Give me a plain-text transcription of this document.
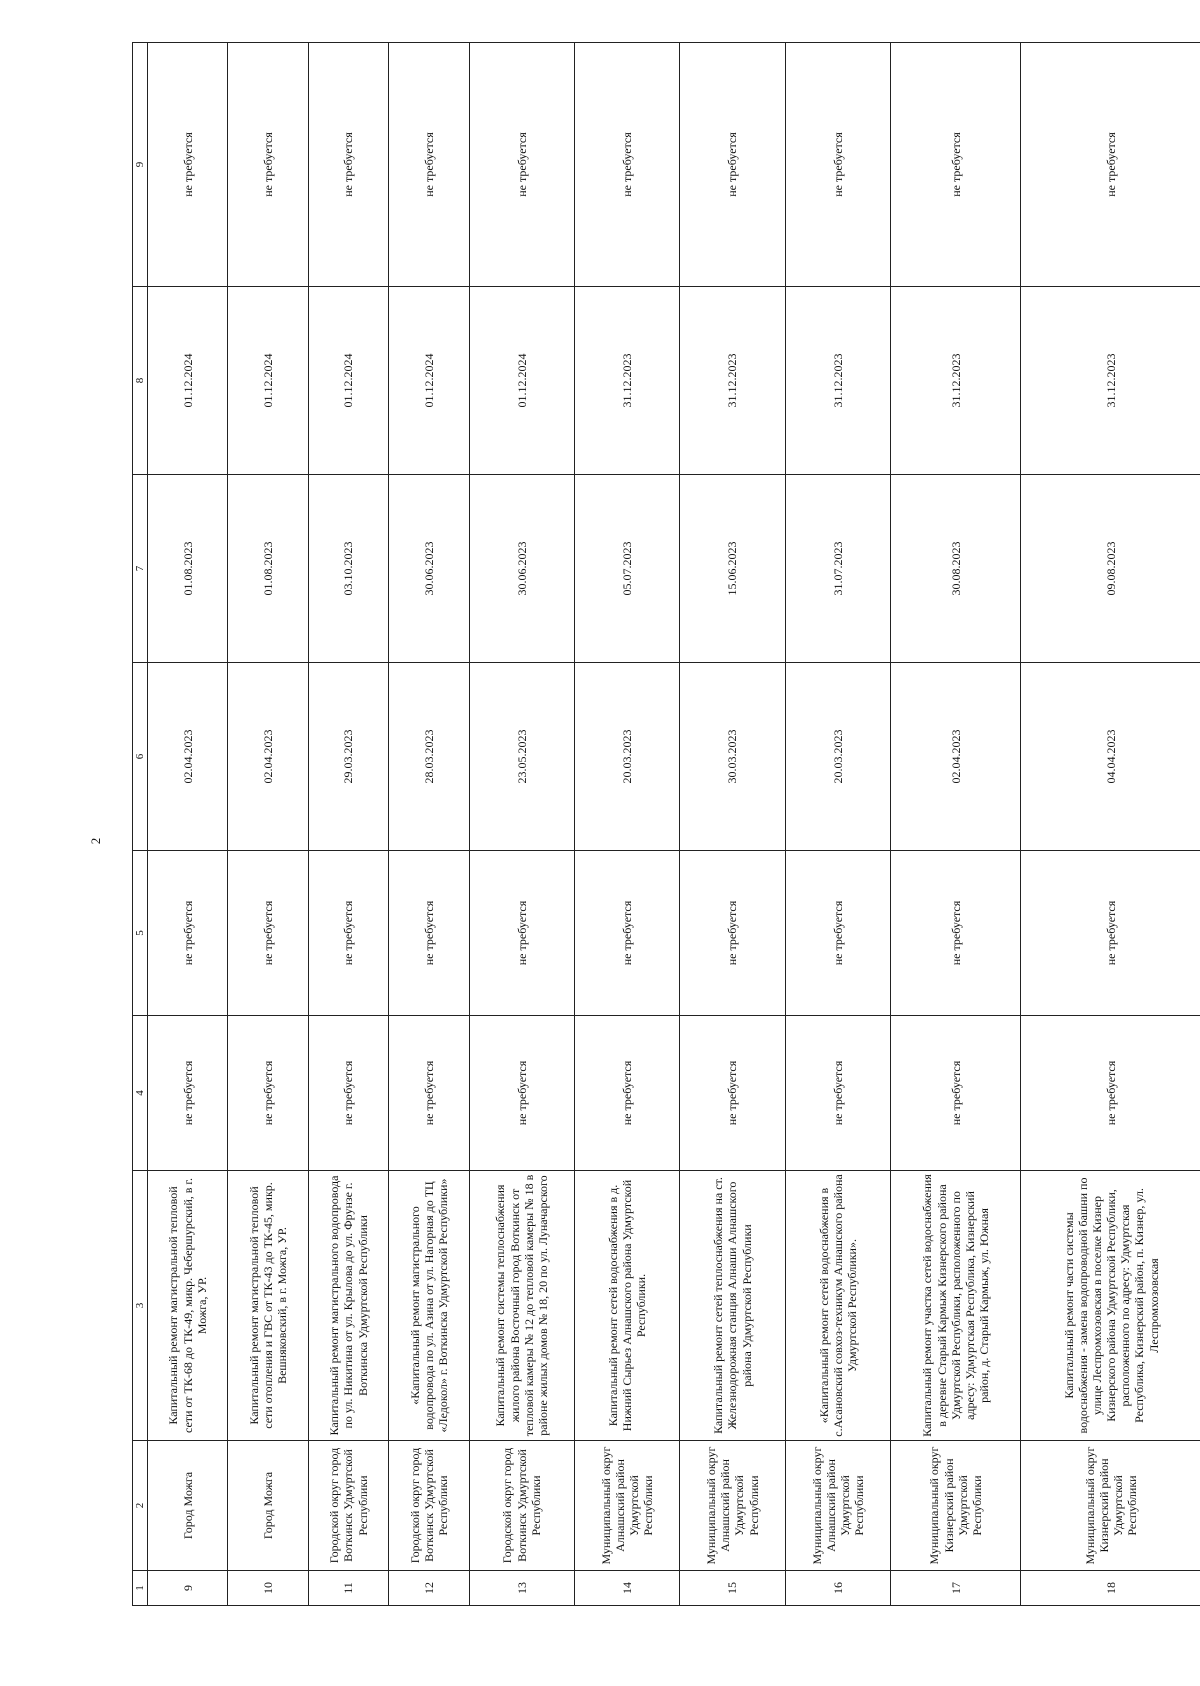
2
1	2	3	4	5	6	7	8	9
9	Город Можга	Капитальный ремонт магистральной тепловой сети от ТК-68 до ТК-49, микр. Чебершурский, в г. Можга, УР.	не требуется	не требуется	02.04.2023	01.08.2023	01.12.2024	не требуется
10	Город Можга	Капитальный ремонт магистральной тепловой сети отопления и ГВС от ТК-43 до ТК-45, микр. Вешняковский, в г. Можга, УР.	не требуется	не требуется	02.04.2023	01.08.2023	01.12.2024	не требуется
11	Городской округ город Воткинск Удмуртской Республики	Капитальный ремонт магистрального водопровода по ул. Никитина от ул. Крылова до ул. Фрунзе г. Воткинска Удмуртской Республики	не требуется	не требуется	29.03.2023	03.10.2023	01.12.2024	не требуется
12	Городской округ город Воткинск Удмуртской Республики	«Капитальный ремонт магистрального водопровода по ул. Азина от ул. Нагорная до ТЦ «Ледокол» г. Воткинска Удмуртской Республики»	не требуется	не требуется	28.03.2023	30.06.2023	01.12.2024	не требуется
13	Городской округ город Воткинск Удмуртской Республики	Капитальный ремонт системы теплоснабжения жилого района Восточный город Воткинск от тепловой камеры № 12 до тепловой камеры № 18 в районе жилых домов № 18, 20 по ул. Луначарского	не требуется	не требуется	23.05.2023	30.06.2023	01.12.2024	не требуется
14	Муниципальный округ Алнашский район Удмуртской Республики	Капитальный ремонт сетей водоснабжения в д. Нижний Сырьез Алнашского района Удмуртской Республики.	не требуется	не требуется	20.03.2023	05.07.2023	31.12.2023	не требуется
15	Муниципальный округ Алнашский район Удмуртской Республики	Капитальный ремонт сетей теплоснабжения на ст. Железнодорожная станция Алнаши Алнашского района Удмуртской Республики	не требуется	не требуется	30.03.2023	15.06.2023	31.12.2023	не требуется
16	Муниципальный округ Алнашский район Удмуртской Республики	«Капитальный ремонт сетей водоснабжения в с.Асановский совхоз-техникум Алнашского района Удмуртской Республики».	не требуется	не требуется	20.03.2023	31.07.2023	31.12.2023	не требуется
17	Муниципальный округ Кизнерский район Удмуртской Республики	Капитальный ремонт участка сетей водоснабжения в деревне Старый Кармыж Кизнерского района Удмуртской Республики, расположенного по адресу: Удмуртская Республика, Кизнерский район, д. Старый Кармыж, ул. Южная	не требуется	не требуется	02.04.2023	30.08.2023	31.12.2023	не требуется
18	Муниципальный округ Кизнерский район Удмуртской Республики	Капитальный ремонт части системы водоснабжения - замена водопроводной башни по улице Леспромхозовская в поселке Кизнер Кизнерского района Удмуртской Республики, расположенного по адресу: Удмуртская Республика, Кизнерский район, п. Кизнер, ул. Леспромхозовская	не требуется	не требуется	04.04.2023	09.08.2023	31.12.2023	не требуется
